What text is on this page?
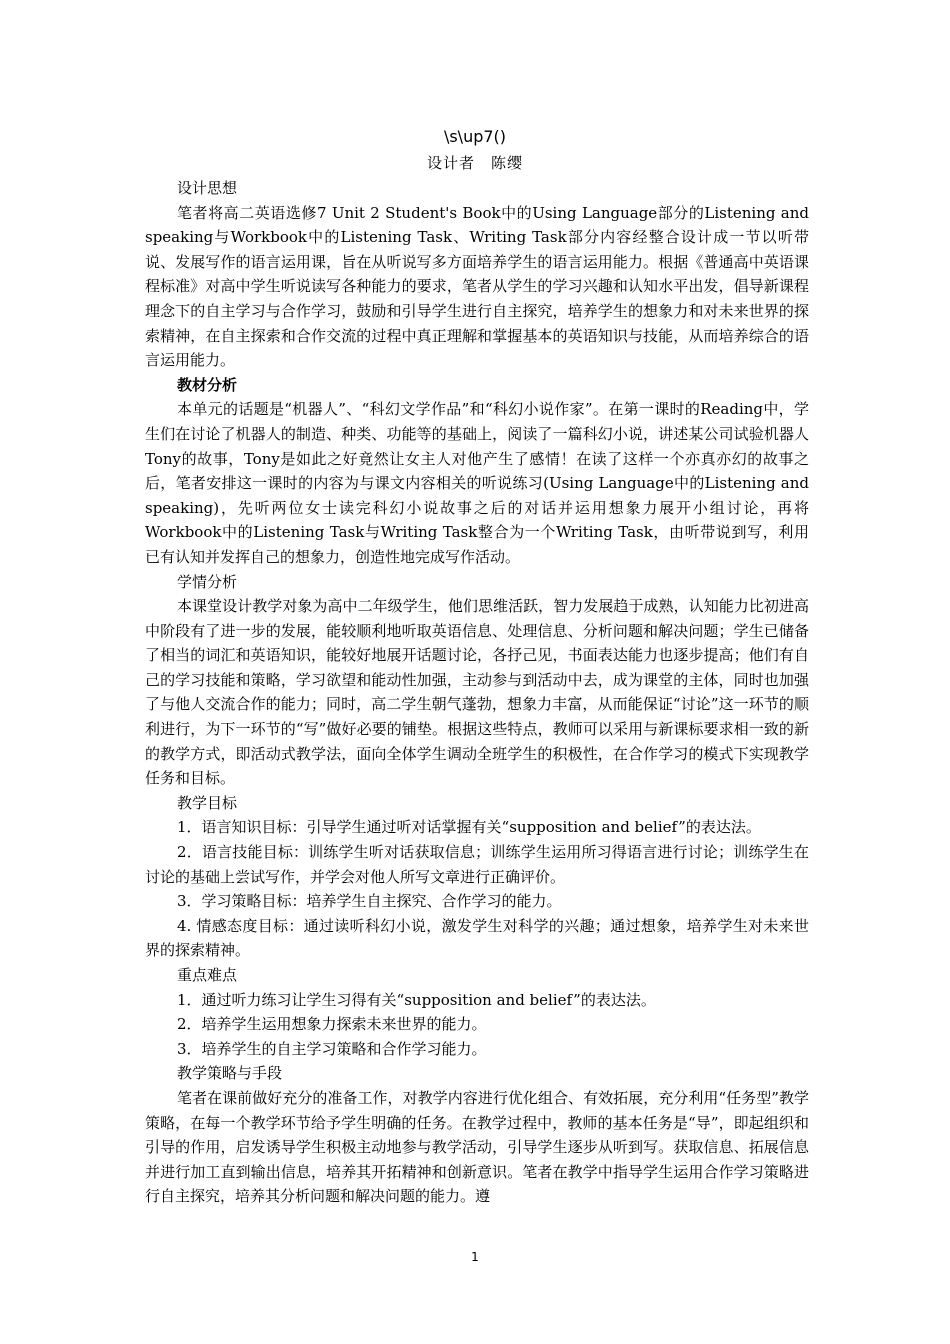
\s\up7()
设计者　陈缨

设计思想

笔者将高二英语选修7 Unit 2 Student's Book中的Using Language部分的Listening and speaking与Workbook中的Listening Task、Writing Task部分内容经整合设计成一节以听带说、发展写作的语言运用课，旨在从听说写多方面培养学生的语言运用能力。根据《普通高中英语课程标准》对高中学生听说读写各种能力的要求，笔者从学生的学习兴趣和认知水平出发，倡导新课程理念下的自主学习与合作学习，鼓励和引导学生进行自主探究，培养学生的想象力和对未来世界的探索精神，在自主探索和合作交流的过程中真正理解和掌握基本的英语知识与技能，从而培养综合的语言运用能力。

教材分析

本单元的话题是“机器人”、“科幻文学作品”和“科幻小说作家”。在第一课时的Reading中，学生们在讨论了机器人的制造、种类、功能等的基础上，阅读了一篇科幻小说，讲述某公司试验机器人Tony的故事，Tony是如此之好竟然让女主人对他产生了感情！在读了这样一个亦真亦幻的故事之后，笔者安排这一课时的内容为与课文内容相关的听说练习(Using Language中的Listening and speaking)，先听两位女士读完科幻小说故事之后的对话并运用想象力展开小组讨论，再将Workbook中的Listening Task与Writing Task整合为一个Writing Task，由听带说到写，利用已有认知并发挥自己的想象力，创造性地完成写作活动。

学情分析

本课堂设计教学对象为高中二年级学生，他们思维活跃，智力发展趋于成熟，认知能力比初进高中阶段有了进一步的发展，能较顺利地听取英语信息、处理信息、分析问题和解决问题；学生已储备了相当的词汇和英语知识，能较好地展开话题讨论，各抒己见，书面表达能力也逐步提高；他们有自己的学习技能和策略，学习欲望和能动性加强，主动参与到活动中去，成为课堂的主体，同时也加强了与他人交流合作的能力；同时，高二学生朝气蓬勃，想象力丰富，从而能保证“讨论”这一环节的顺利进行，为下一环节的“写”做好必要的铺垫。根据这些特点，教师可以采用与新课标要求相一致的新的教学方式，即活动式教学法，面向全体学生调动全班学生的积极性，在合作学习的模式下实现教学任务和目标。

教学目标

1．语言知识目标：引导学生通过听对话掌握有关“supposition and belief”的表达法。

2．语言技能目标：训练学生听对话获取信息；训练学生运用所习得语言进行讨论；训练学生在讨论的基础上尝试写作，并学会对他人所写文章进行正确评价。

3．学习策略目标：培养学生自主探究、合作学习的能力。

4. 情感态度目标：通过读听科幻小说，激发学生对科学的兴趣；通过想象，培养学生对未来世界的探索精神。

重点难点

1．通过听力练习让学生习得有关“supposition and belief”的表达法。

2．培养学生运用想象力探索未来世界的能力。

3．培养学生的自主学习策略和合作学习能力。

教学策略与手段

笔者在课前做好充分的准备工作，对教学内容进行优化组合、有效拓展，充分利用“任务型”教学策略，在每一个教学环节给予学生明确的任务。在教学过程中，教师的基本任务是“导”，即起组织和引导的作用，启发诱导学生积极主动地参与教学活动，引导学生逐步从听到写。获取信息、拓展信息并进行加工直到输出信息，培养其开拓精神和创新意识。笔者在教学中指导学生运用合作学习策略进行自主探究，培养其分析问题和解决问题的能力。遵

1
